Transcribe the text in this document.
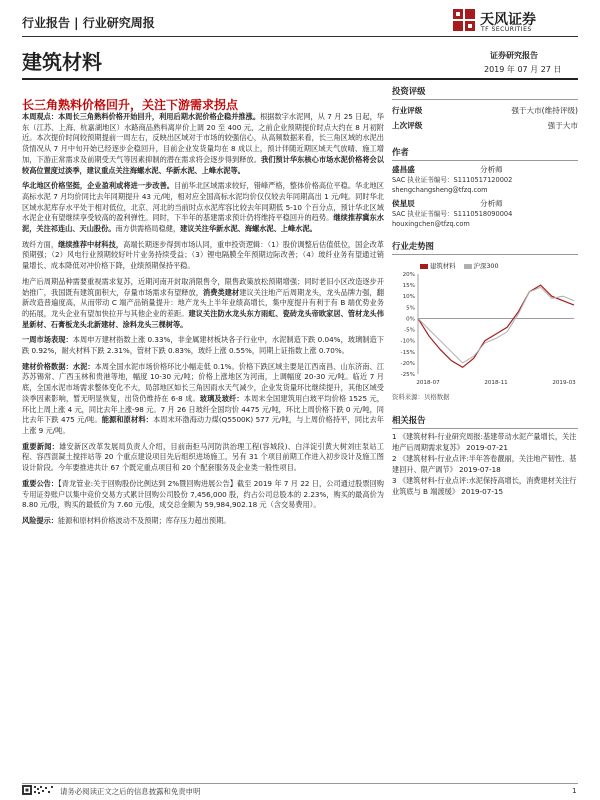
行业报告 | 行业研究周报	天风证券
TF SECURITIES
建筑材料	证券研究报告
2019 年 07 月 27 日
长三角熟料价格回升，关注下游需求拐点

本周观点：本周长三角熟料价格开始回升，利用后期水泥价格企稳并推涨。根据数字水泥网，从 7 月 25 日起，华东（江苏、上海、杭嘉湖地区）水路商品熟料离岸价上调 20 至 400 元，之前企业预期提价时点大约在 8 月初附近。本次提价时间较预期提前一周左右，反映出区域对于市场的较强信心，从高频数据来看，长三角区域的水泥出货情况从 7 月中旬开始已经逐步企稳回升，目前企业发货量均在 8 成以上，预计伴随近期区域天气放晴、施工增加，下游正常需求及前期受天气等因素抑制的潜在需求将会逐步得到释放。我们预计华东核心市场水泥价格将会以较高位置度过淡季，建议重点关注海螺水泥、华新水泥、上峰水泥等。

华北地区价格坚挺，企业盈利或将进一步改善。目前华北区域需求较好，错峰严格，整体价格高位平稳。华北地区高标水泥 7 月均价同比去年同期提升 43 元/吨，相对应全国高标水泥均价仅仅较去年同期高出 1 元/吨。同时华北区域水泥库存水平处于相对低位，北京、河北的当前时点水泥库容比较去年同期低 5-10 个百分点，预计华北区域水泥企业有望继续享受较高的盈利弹性。同时，下半年的基建需求预计仍将维持平稳回升的趋势。继续推荐冀东水泥，关注祁连山、天山股份。南方供需格局稳健，建议关注华新水泥、海螺水泥、上峰水泥。

玻纤方面，继续推荐中材科技，高端长期逐步得到市场认同，重申投资逻辑：（1）股价调整后估值低位，国企改革预期强；（2）风电行业预期较好叶片业务持续受益；（3）锂电隔膜全年预期边际改善；（4）玻纤业务有望通过销量增长、成本降低对冲价格下降，业绩预期保持平稳。

地产后周期品种需要重视需求复苏，近期河南开封取消限售令，限售政策放松预期增强；同时老旧小区改造逐步开始推广，我国既有建筑面积大，存量市场需求有望释放，消费类建材建议关注地产后周期龙头，龙头品牌力强，翻新改造普遍度高，从而带动 C 端产品销量提升：地产龙头上半年业绩高增长，集中度提升有利于有 B 端优势业务的拓展，龙头企业有望加快拉开与其他企业的差距。建议关注防水龙头东方雨虹、瓷砖龙头帝欧家居、管材龙头伟星新材、石膏板龙头北新建材、涂料龙头三棵树等。

一周市场表现：本周申万建材指数上涨 0.33%，非金属建材板块各子行业中，水泥制造下跌 0.04%，玻璃制造下跌 0.92%，耐火材料下跌 2.31%，管材下跌 0.83%，玻纤上涨 0.55%，同期上证指数上涨 0.70%。

建材价格数据：水泥：本周全国水泥市场价格环比小幅走低 0.1%。价格下跌区域主要是江西南昌、山东济南、江苏苏锡常、广西玉林和贵港等地，幅度 10-30 元/吨；价格上涨地区为河南，上调幅度 20-30 元/吨。临近 7 月底，全国水泥市场需求整体变化不大，局部地区如长三角因雨水天气减少，企业发货量环比继续提升，其他区域受淡季因素影响，暂无明显恢复，出货仍维持在 6-8 成。玻璃及玻纤：本周末全国建筑用白玻平均价格 1525 元，环比上周上涨 4 元，同比去年上涨-98 元。7 月 26 日玻纤全国均价 4475 元/吨，环比上周价格下跌 0 元/吨，同比去年下跌 475 元/吨。能源和原材料：本周末环渤海动力煤(Q5500K) 577 元/吨，与上周价格持平，同比去年上涨 9 元/吨。

重要新闻：雄安新区改革发展局负责人介绍，目前南拒马河防洪治理工程(容城段)、白洋淀引黄大树刘庄泵站工程、容西混凝土搅拌站等 20 个重点建设项目先后组织进场施工，另有 31 个项目前期工作进入初步设计及施工图设计阶段。今年要推进共计 67 个既定重点项目和 20 个配套服务及企业类一般性项目。

重要公告：【青龙管业:关于回购股份比例达到 2%暨回购进展公告】截至 2019 年 7 月 22 日，公司通过股票回购专用证券账户以集中竞价交易方式累计回购公司股份 7,456,000 股，约占公司总股本的 2.23%，购买的最高价为 8.80 元/股，购买的最低价为 7.60 元/股，成交总金额为 59,984,902.18 元（含交易费用）。

风险提示：能源和原材料价格波动不及预期；库存压力超出预期。

投资评级
行业评级	强于大市(维持评级)
上次评级	强于大市
作者
盛昌盛	分析师
SAC 执业证书编号：S1110517120002
shengchangsheng@tfzq.com
侯星辰	分析师
SAC 执业证书编号：S1110518090004
houxingchen@tfzq.com
行业走势图
建筑材料	沪深300
20%
15%
10%
5%
0%
-5%
-10%
-15%
-20%
-25%
2018-07	2018-11	2019-03
资料来源：贝格数据
相关报告
1 《建筑材料-行业研究周报:基建带动水泥产量增长，关注地产后周期需求复苏》 2019-07-21
2 《建筑材料-行业点评:半年答卷靓丽，关注地产韧性、基建回升、限产调节》 2019-07-18
3 《建筑材料-行业点评:水泥保持高增长，消费建材关注行业筑底与 B 端渡缓》 2019-07-15
请务必阅读正文之后的信息披露和免责申明	1
